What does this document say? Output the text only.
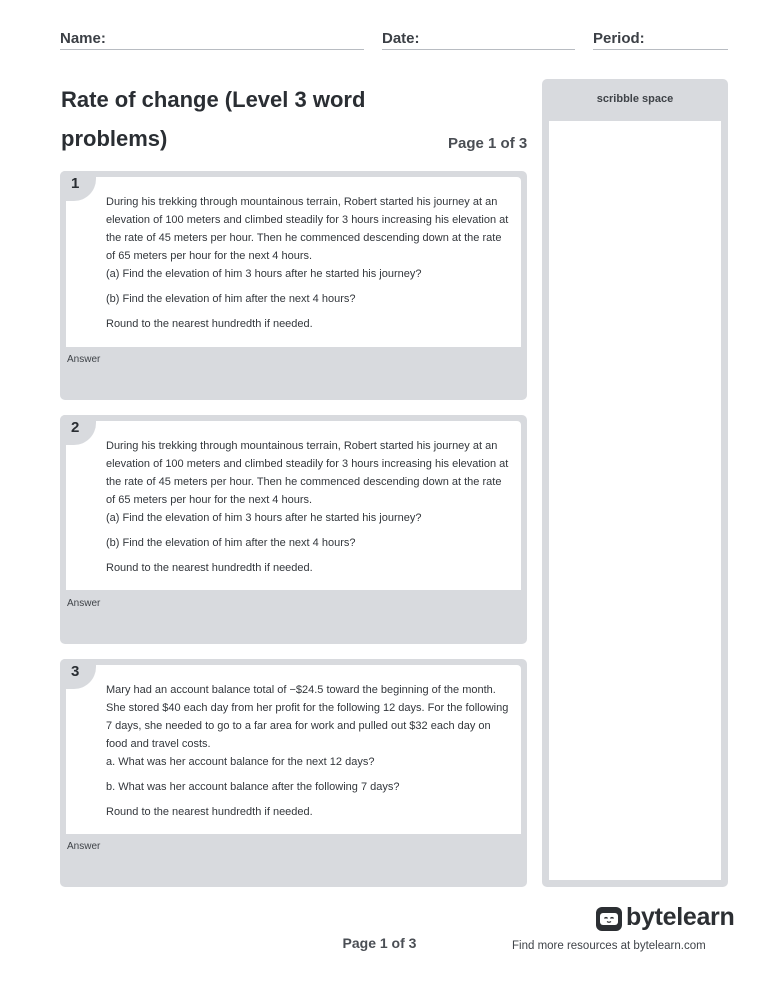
Name:	Date:	Period:
Rate of change (Level 3 word problems)	Page 1 of 3

During his trekking through mountainous terrain, Robert started his journey at an elevation of 100 meters and climbed steadily for 3 hours increasing his elevation at the rate of 45 meters per hour. Then he commenced descending down at the rate of 65 meters per hour for the next 4 hours.

(a) Find the elevation of him 3 hours after he started his journey?

(b) Find the elevation of him after the next 4 hours?

Round to the nearest hundredth if needed.

1
Answer

During his trekking through mountainous terrain, Robert started his journey at an elevation of 100 meters and climbed steadily for 3 hours increasing his elevation at the rate of 45 meters per hour. Then he commenced descending down at the rate of 65 meters per hour for the next 4 hours.

(a) Find the elevation of him 3 hours after he started his journey?

(b) Find the elevation of him after the next 4 hours?

Round to the nearest hundredth if needed.

2
Answer

Mary had an account balance total of −$24.5 toward the beginning of the month. She stored $40 each day from her profit for the following 12 days. For the following 7 days, she needed to go to a far area for work and pulled out $32 each day on food and travel costs.

a. What was her account balance for the next 12 days?

b. What was her account balance after the following 7 days?

Round to the nearest hundredth if needed.

3
Answer
scribble space
Page 1 of 3
bytelearn
Find more resources at bytelearn.com
